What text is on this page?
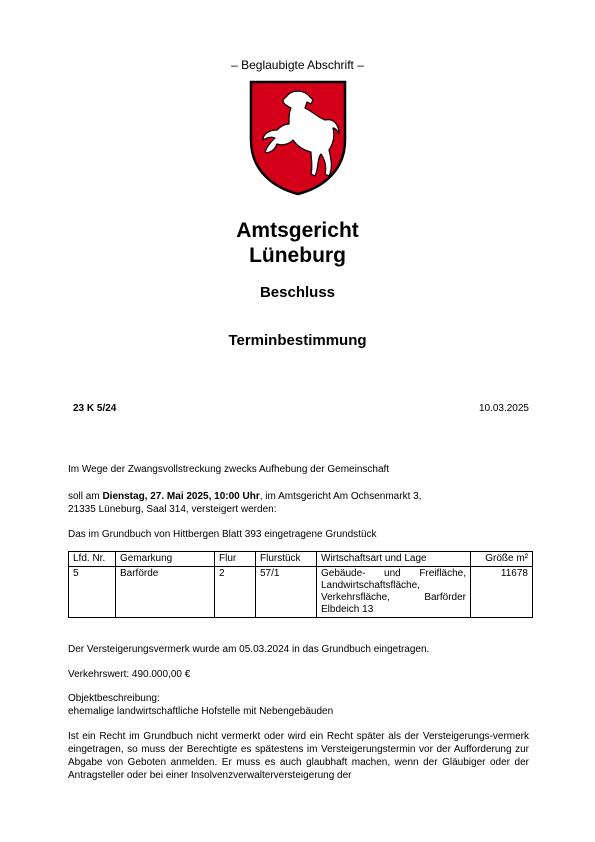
– Beglaubigte Abschrift –
Amtsgericht
Lüneburg
Beschluss
Terminbestimmung
23 K 5/24	10.03.2025
Im Wege der Zwangsvollstreckung zwecks Aufhebung der Gemeinschaft
soll am Dienstag, 27. Mai 2025, 10:00 Uhr, im Amtsgericht Am Ochsenmarkt 3,
21335 Lüneburg, Saal 314, versteigert werden:
Das im Grundbuch von Hittbergen Blatt 393 eingetragene Grundstück
Lfd. Nr.	Gemarkung	Flur	Flurstück	Wirtschaftsart und Lage	Größe m²
5	Barförde	2	57/1	Gebäude- und Freifläche, Landwirtschaftsfläche, Verkehrsfläche, Barförder Elbdeich 13	11678
Der Versteigerungsvermerk wurde am 05.03.2024 in das Grundbuch eingetragen.
Verkehrswert: 490.000,00 €
Objektbeschreibung:
ehemalige landwirtschaftliche Hofstelle mit Nebengebäuden
Ist ein Recht im Grundbuch nicht vermerkt oder wird ein Recht später als der Versteigerungs-vermerk eingetragen, so muss der Berechtigte es spätestens im Versteigerungstermin vor der Aufforderung zur Abgabe von Geboten anmelden. Er muss es auch glaubhaft machen, wenn der Gläubiger oder der Antragsteller oder bei einer Insolvenzverwalterversteigerung der
